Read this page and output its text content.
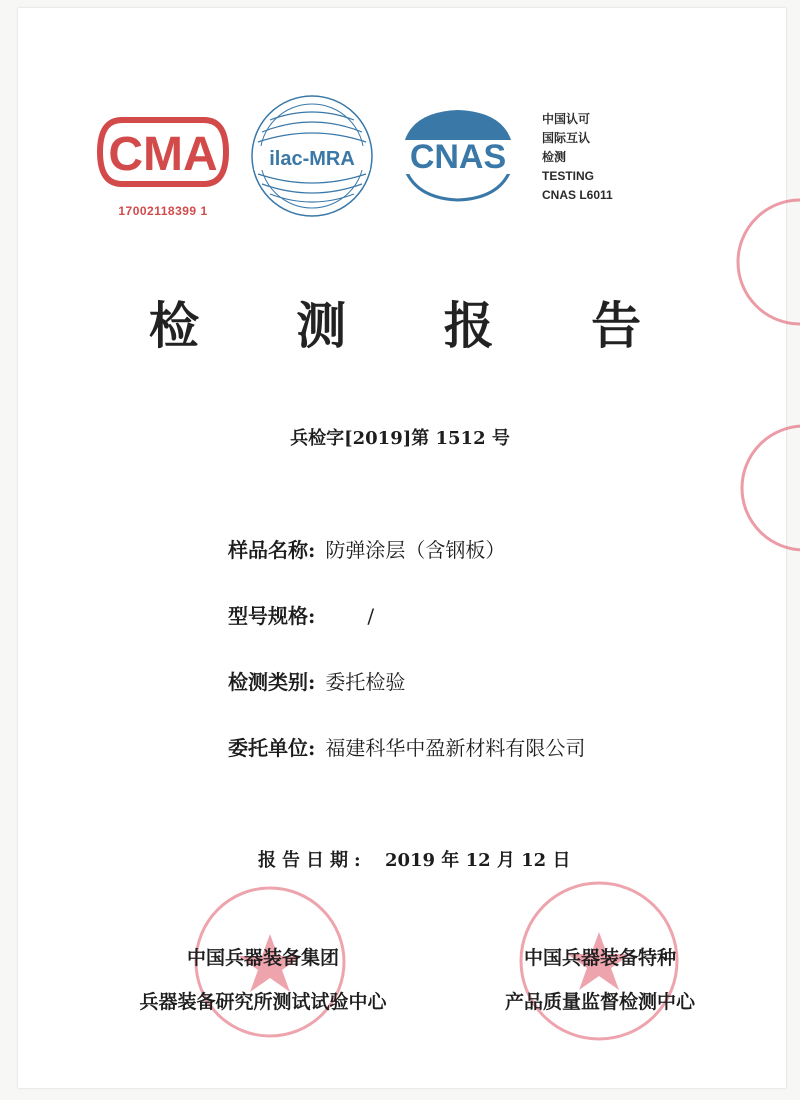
CMA
17002118399 1
ilac-MRA CNAS
中国认可
国际互认
检测
TESTING
CNAS L6011
检 测 报 告
兵检字[2019]第 1512 号
样品名称: 防弹涂层（含钢板）
型号规格:	/
检测类别: 委托检验
委托单位: 福建科华中盈新材料有限公司
报告日期: 2019 年 12 月 12 日
中国兵器装备集团
兵器装备研究所测试试验中心
中国兵器装备特种
产品质量监督检测中心
